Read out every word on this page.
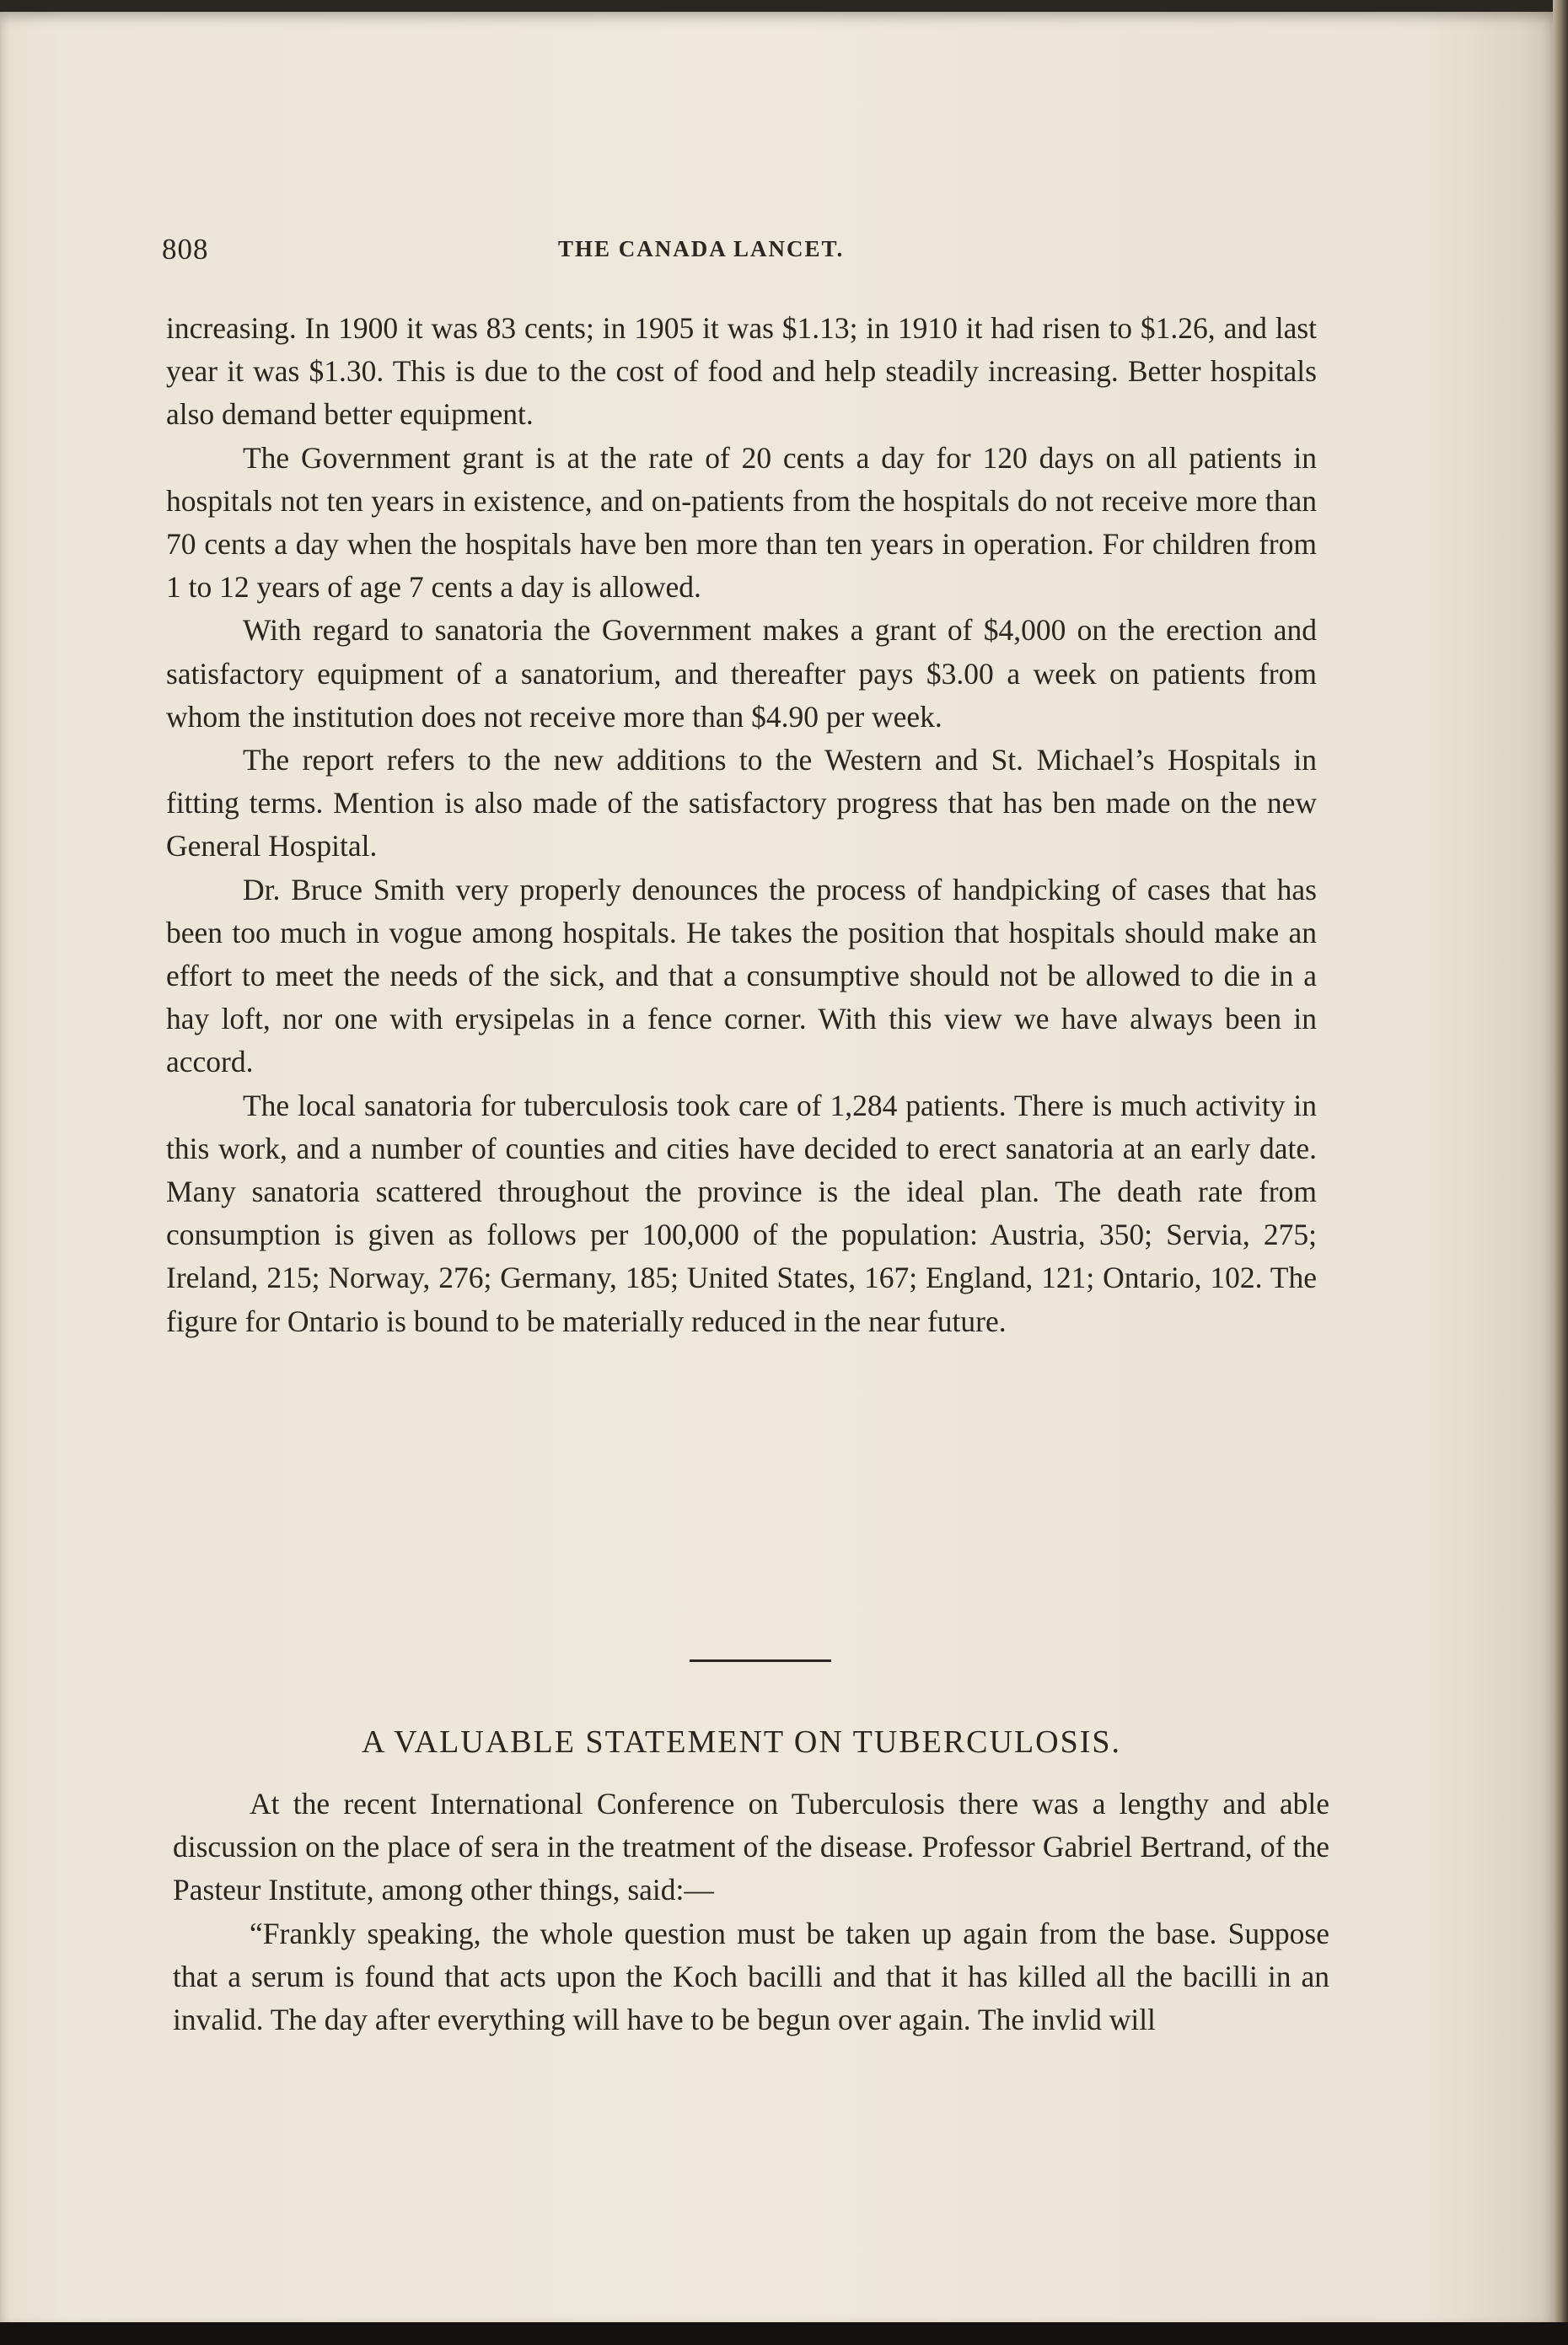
808	THE CANADA LANCET.

increasing. In 1900 it was 83 cents; in 1905 it was $1.13; in 1910 it had risen to $1.26, and last year it was $1.30. This is due to the cost of food and help steadily increasing. Better hospitals also demand better equipment.

The Government grant is at the rate of 20 cents a day for 120 days on all patients in hospitals not ten years in existence, and on-patients from the hospitals do not receive more than 70 cents a day when the hospitals have ben more than ten years in operation. For children from 1 to 12 years of age 7 cents a day is allowed.

With regard to sanatoria the Government makes a grant of $4,000 on the erection and satisfactory equipment of a sanatorium, and thereafter pays $3.00 a week on patients from whom the institution does not receive more than $4.90 per week.

The report refers to the new additions to the Western and St. Michael’s Hospitals in fitting terms. Mention is also made of the satisfactory progress that has ben made on the new General Hospital.

Dr. Bruce Smith very properly denounces the process of handpicking of cases that has been too much in vogue among hospitals. He takes the position that hospitals should make an effort to meet the needs of the sick, and that a consumptive should not be allowed to die in a hay loft, nor one with erysipelas in a fence corner. With this view we have always been in accord.

The local sanatoria for tuberculosis took care of 1,284 patients. There is much activity in this work, and a number of counties and cities have decided to erect sanatoria at an early date. Many sanatoria scattered throughout the province is the ideal plan. The death rate from consumption is given as follows per 100,000 of the population: Austria, 350; Servia, 275; Ireland, 215; Norway, 276; Germany, 185; United States, 167; England, 121; Ontario, 102. The figure for Ontario is bound to be materially reduced in the near future.

A VALUABLE STATEMENT ON TUBERCULOSIS.

At the recent International Conference on Tuberculosis there was a lengthy and able discussion on the place of sera in the treatment of the disease. Professor Gabriel Bertrand, of the Pasteur Institute, among other things, said:—

“Frankly speaking, the whole question must be taken up again from the base. Suppose that a serum is found that acts upon the Koch bacilli and that it has killed all the bacilli in an invalid. The day after everything will have to be begun over again. The invlid will
